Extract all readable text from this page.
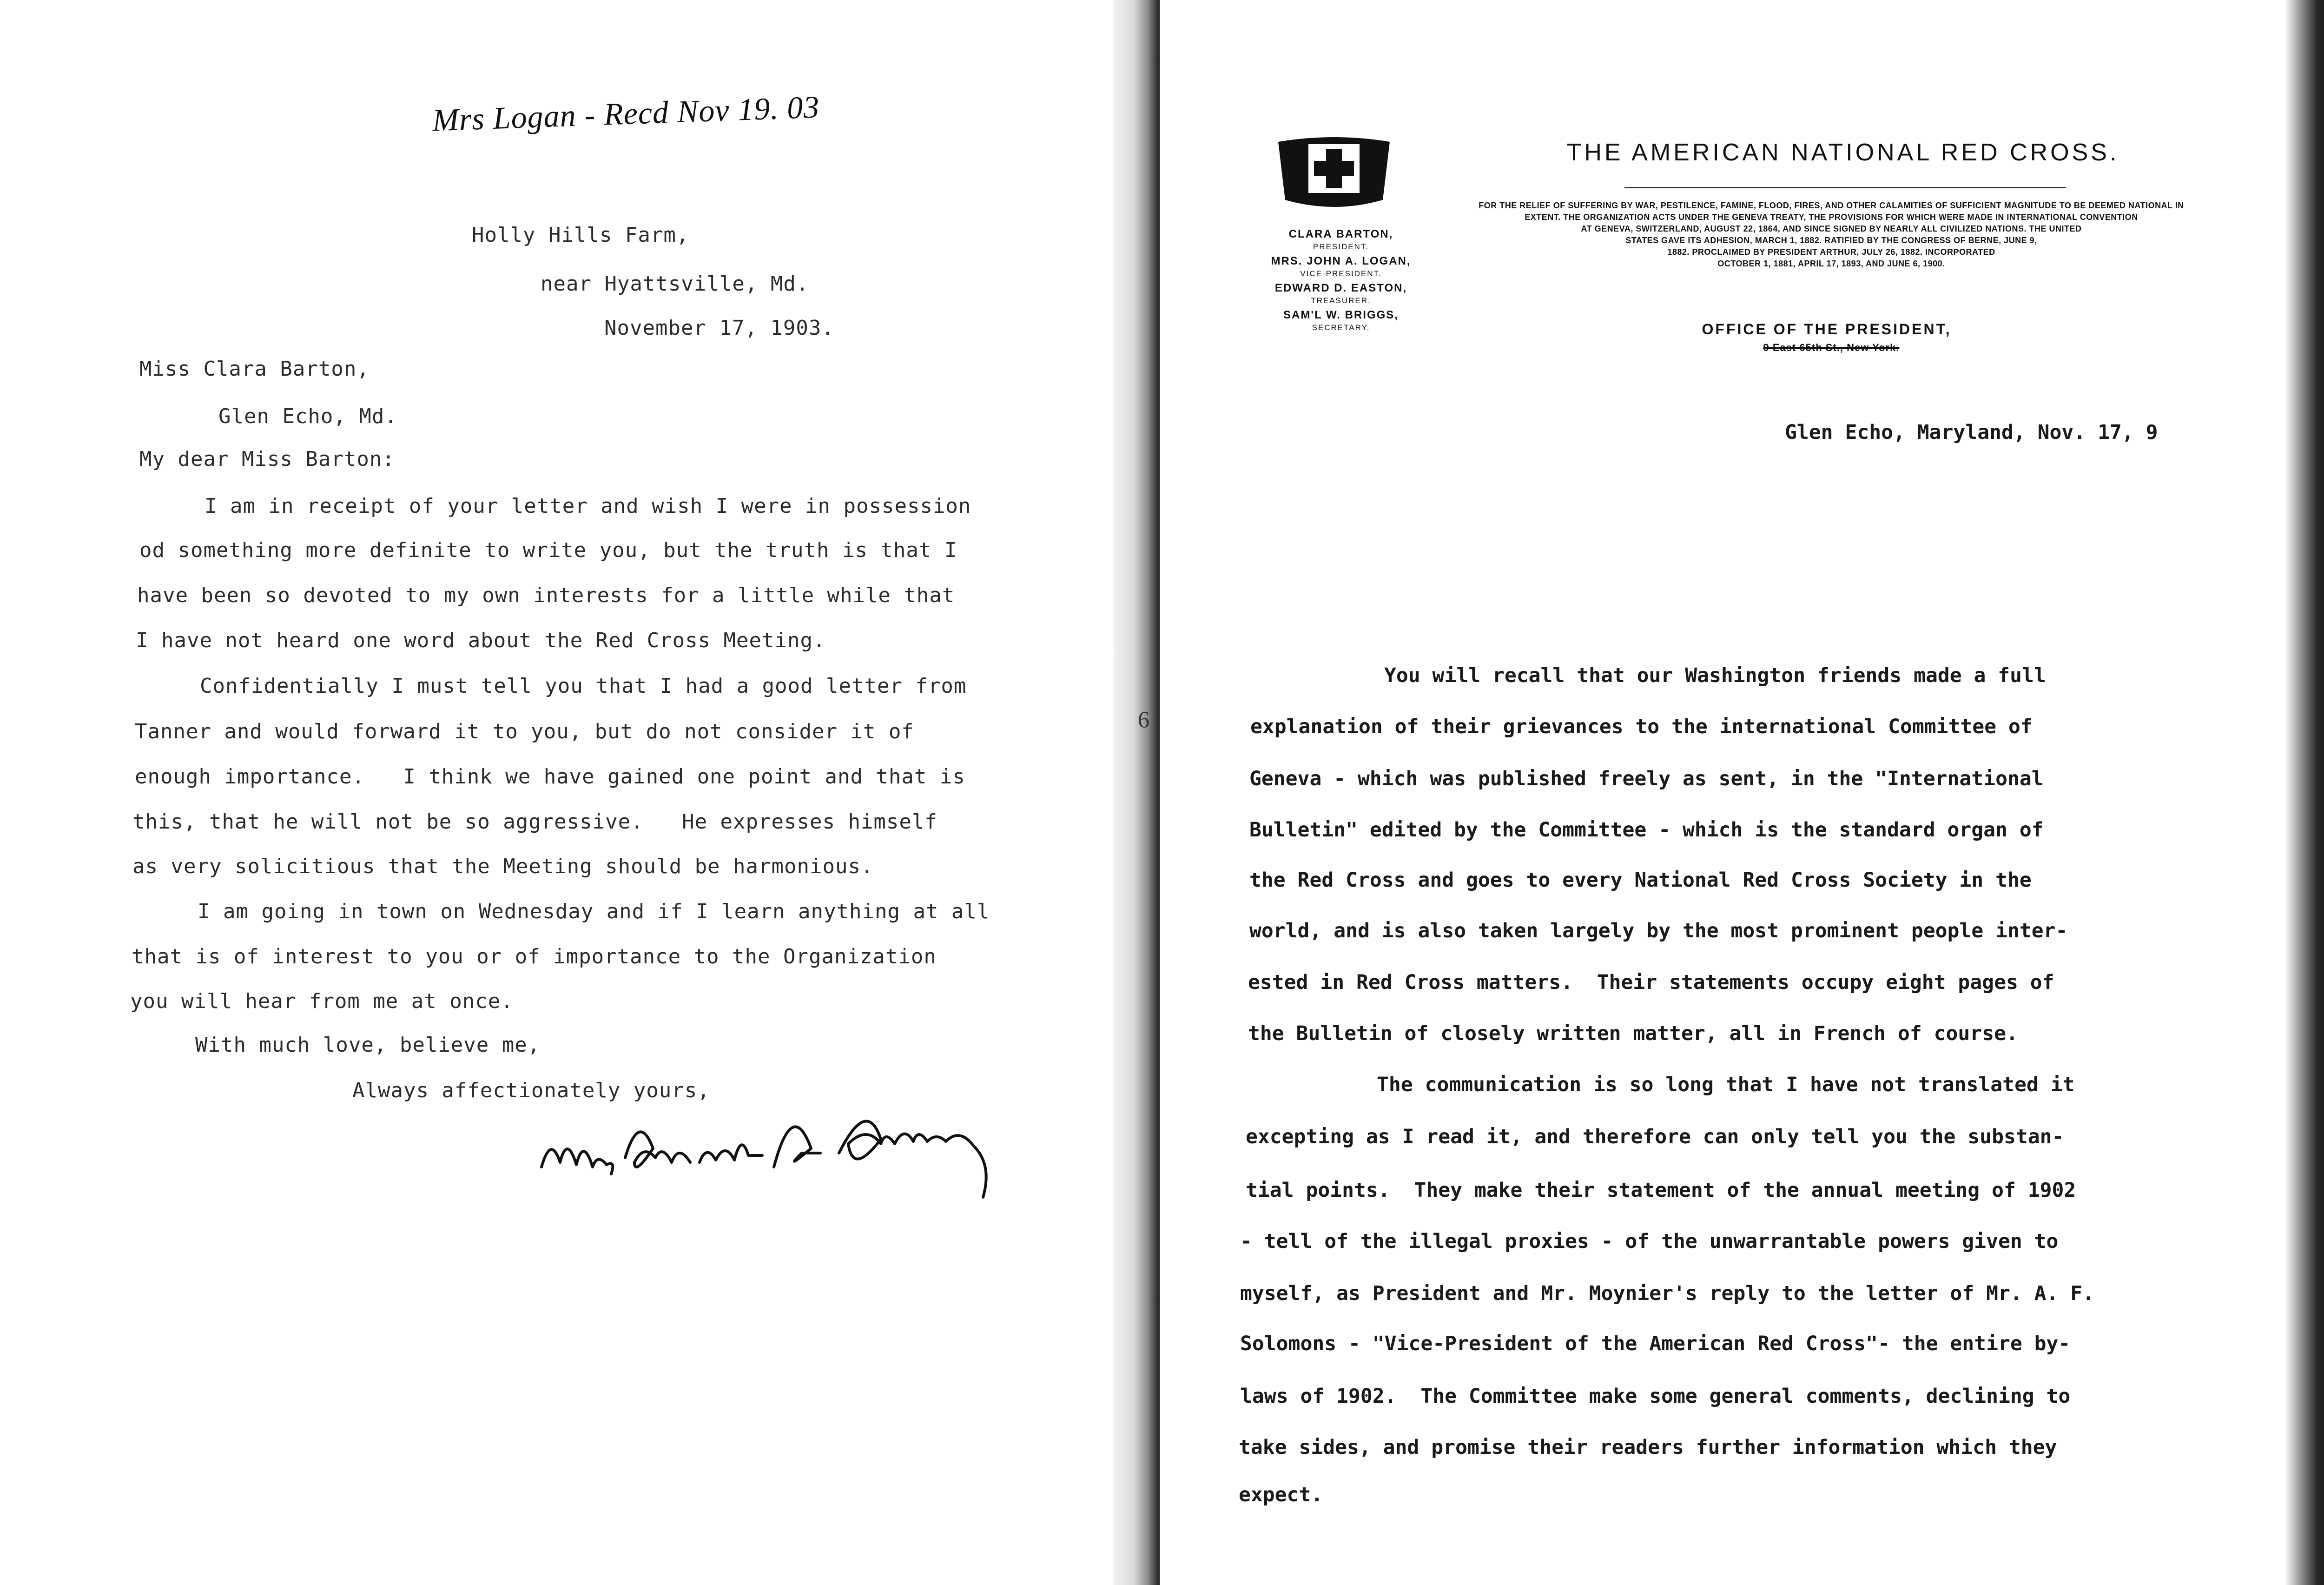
Mrs Logan - Recd Nov 19. 03
Holly Hills Farm,
near Hyattsville, Md.
November 17, 1903.
Miss Clara Barton,
Glen Echo, Md.
My dear Miss Barton:
I am in receipt of your letter and wish I were in possession
od something more definite to write you, but the truth is that I
have been so devoted to my own interests for a little while that
I have not heard one word about the Red Cross Meeting.
Confidentially I must tell you that I had a good letter from
Tanner and would forward it to you, but do not consider it of
enough importance.   I think we have gained one point and that is
this, that he will not be so aggressive.   He expresses himself
as very solicitious that the Meeting should be harmonious.
I am going in town on Wednesday and if I learn anything at all
that is of interest to you or of importance to the Organization
you will hear from me at once.
With much love, believe me,
Always affectionately yours,
CLARA BARTON,
PRESIDENT.
MRS. JOHN A. LOGAN,
VICE-PRESIDENT.
EDWARD D. EASTON,
TREASURER.
SAM'L W. BRIGGS,
SECRETARY.
THE AMERICAN NATIONAL RED CROSS.
FOR THE RELIEF OF SUFFERING BY WAR, PESTILENCE, FAMINE, FLOOD, FIRES, AND OTHER CALAMITIES OF SUFFICIENT MAGNITUDE TO BE DEEMED NATIONAL IN
EXTENT. THE ORGANIZATION ACTS UNDER THE GENEVA TREATY, THE PROVISIONS FOR WHICH WERE MADE IN INTERNATIONAL CONVENTION
AT GENEVA, SWITZERLAND, AUGUST 22, 1864, AND SINCE SIGNED BY NEARLY ALL CIVILIZED NATIONS. THE UNITED
STATES GAVE ITS ADHESION, MARCH 1, 1882. RATIFIED BY THE CONGRESS OF BERNE, JUNE 9,
1882. PROCLAIMED BY PRESIDENT ARTHUR, JULY 26, 1882. INCORPORATED
OCTOBER 1, 1881, APRIL 17, 1893, AND JUNE 6, 1900.
OFFICE OF THE PRESIDENT,
9 East 65th St., New York.
Glen Echo, Maryland, Nov. 17, 9
6
You will recall that our Washington friends made a full
explanation of their grievances to the international Committee of
Geneva - which was published freely as sent, in the "International
Bulletin" edited by the Committee - which is the standard organ of
the Red Cross and goes to every National Red Cross Society in the
world, and is also taken largely by the most prominent people inter-
ested in Red Cross matters.  Their statements occupy eight pages of
the Bulletin of closely written matter, all in French of course.
The communication is so long that I have not translated it
excepting as I read it, and therefore can only tell you the substan-
tial points.  They make their statement of the annual meeting of 1902
- tell of the illegal proxies - of the unwarrantable powers given to
myself, as President and Mr. Moynier's reply to the letter of Mr. A. F.
Solomons - "Vice-President of the American Red Cross"- the entire by-
laws of 1902.  The Committee make some general comments, declining to
take sides, and promise their readers further information which they
expect.
